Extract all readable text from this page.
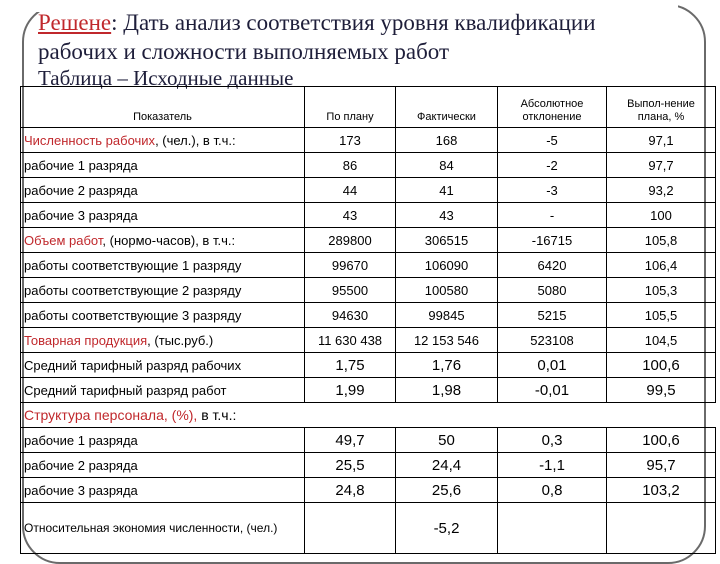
Решене: Дать анализ соответствия уровня квалификации
рабочих и сложности выполняемых работ
Таблица – Исходные данные
Показатель	По плану	Фактически	Абсолютное отклонение	Выпол-нение плана, %
Численность рабочих, (чел.), в т.ч.:	173	168	-5	97,1
рабочие 1 разряда	86	84	-2	97,7
рабочие 2 разряда	44	41	-3	93,2
рабочие 3 разряда	43	43	-	100
Объем работ, (нормо-часов), в т.ч.:	289800	306515	-16715	105,8
работы соответствующие 1 разряду	99670	106090	6420	106,4
работы соответствующие 2 разряду	95500	100580	5080	105,3
работы соответствующие 3 разряду	94630	99845	5215	105,5
Товарная продукция, (тыс.руб.)	11 630 438	12 153 546	523108	104,5
Средний тарифный разряд рабочих	1,75	1,76	0,01	100,6
Средний тарифный разряд работ	1,99	1,98	-0,01	99,5
Структура персонала, (%), в т.ч.:				
рабочие 1 разряда	49,7	50	0,3	100,6
рабочие 2 разряда	25,5	24,4	-1,1	95,7
рабочие 3 разряда	24,8	25,6	0,8	103,2
Относительная экономия численности, (чел.)		-5,2		
